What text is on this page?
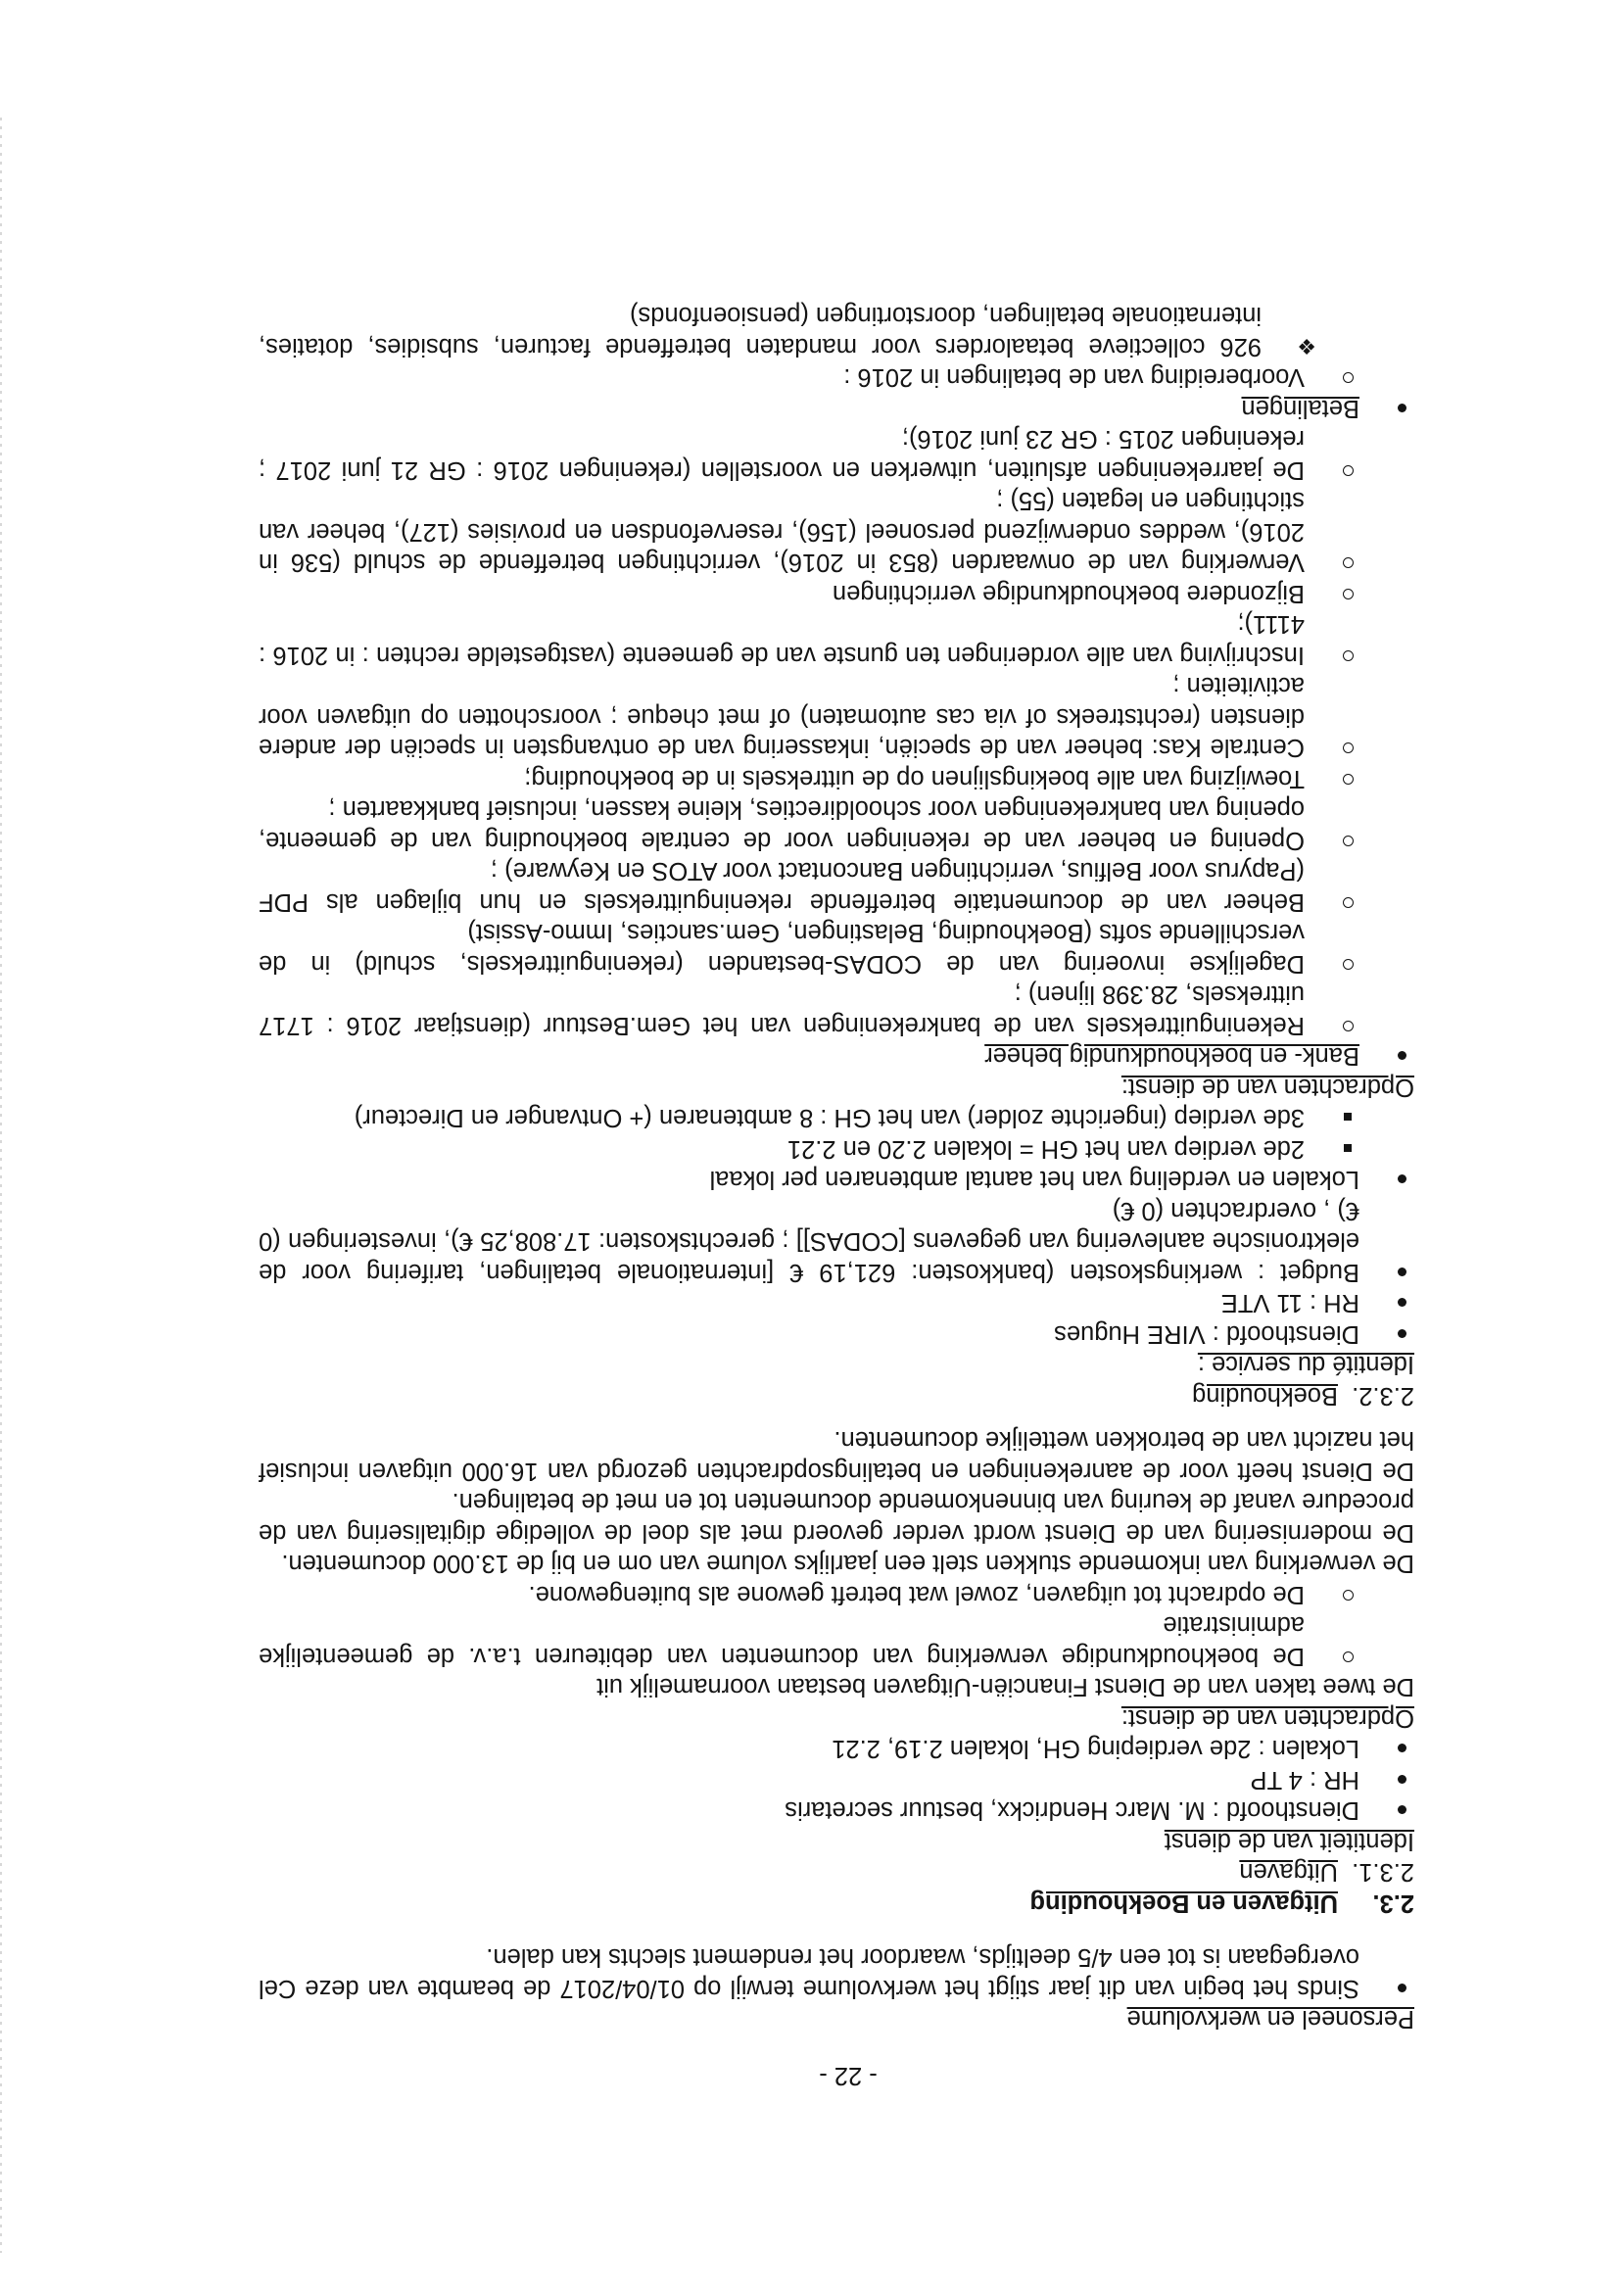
- 22 -
Personeel en werkvolume
Sinds het begin van dit jaar stijgt het werkvolume terwijl op 01/04/2017 de beambte van deze Cel overgegaan is tot een 4/5 deeltijds, waardoor het rendement slechts kan dalen.
2.3.
Uitgaven en Boekhouding
2.3.1.
Uitgaven
Identiteit van de dienst
Diensthoofd : M. Marc Hendrickx, bestuur secretaris
HR : 4 TP
Lokalen : 2de verdieping GH, lokalen 2.19, 2.21
Opdrachten van de dienst:
De twee taken van de Dienst Financiën-Uitgaven bestaan voornamelijk uit
De boekhoudkundige verwerking van documenten van debiteuren t.a.v. de gemeentelijke administratie
De opdracht tot uitgaven, zowel wat betreft gewone als buitengewone.
De verwerking van inkomende stukken stelt een jaarlijks volume van om en bij de 13.000 documenten.
De modernisering van de Dienst wordt verder gevoerd met als doel de volledige digitalisering van de procedure vanaf de keuring van binnenkomende documenten tot en met de betalingen.
De Dienst heeft voor de aanrekeningen en betalingsopdrachten gezorgd van 16.000 uitgaven inclusief het nazicht van de betrokken wettelijke documenten.
2.3.2.
Boekhouding
Identité du service :
Diensthoofd : VIRE Hugues
RH : 11 VTE
Budget : werkingskosten (bankkosten: 621,19 € [internationale betalingen, tarifering voor de elektronische aanlevering van gegevens [CODAS]] ; gerechtskosten: 17.808,25 €), investeringen (0 €) , overdrachten (0 €)
Lokalen en verdeling van het aantal ambtenaren per lokaal
2de verdiep van het GH = lokalen 2.20 en 2.21
3de verdiep (ingerichte zolder) van het GH : 8 ambtenaren (+ Ontvanger en Directeur)
Opdrachten van de dienst:
Bank- en boekhoudkundig beheer
Rekeninguittreksels van de bankrekeningen van het Gem.Bestuur (dienstjaar 2016 : 1717 uittreksels, 28.398 lijnen) ;
Dagelijkse invoering van de CODAS-bestanden (rekeninguittreksels, schuld) in de verschillende softs (Boekhouding, Belastingen, Gem.sancties, Immo-Assist)
Beheer van de documentatie betreffende rekeninguittreksels en hun bijlagen als PDF (Papyrus voor Belfius, verrichtingen Bancontact voor ATOS en Keyware) ;
Opening en beheer van de rekeningen voor de centrale boekhouding van de gemeente, opening van bankrekeningen voor schooldirecties, kleine kassen, inclusief bankkaarten ;
Toewijzing van alle boekingslijnen op de uittreksels in de boekhouding;
Centrale Kas: beheer van de speciën, inkassering van de ontvangsten in speciën der andere diensten (rechtstreeks of via cas automaten) of met cheque ; voorschotten op uitgaven voor activiteiten ;
Inschrijving van alle vorderingen ten gunste van de gemeente (vastgestelde rechten : in 2016 : 4111);
Bijzondere boekhoudkundige verrichtingen
Verwerking van de onwaarden (853 in 2016), verrichtingen betreffende de schuld (536 in 2016), weddes onderwijzend personeel (156), reservefondsen en provisies (127), beheer van stichtingen en legaten (55) ;
De jaarrekeningen afsluiten, uitwerken en voorstellen (rekeningen 2016 : GR 21 juni 2017 ; rekeningen 2015 : GR 23 juni 2016);
Betalingen
Voorbereiding van de betalingen in 2016 :
❖
926 collectieve betaalorders voor mandaten betreffende facturen, subsidies, dotaties, internationale betalingen, doorstortingen (pensioenfonds)
